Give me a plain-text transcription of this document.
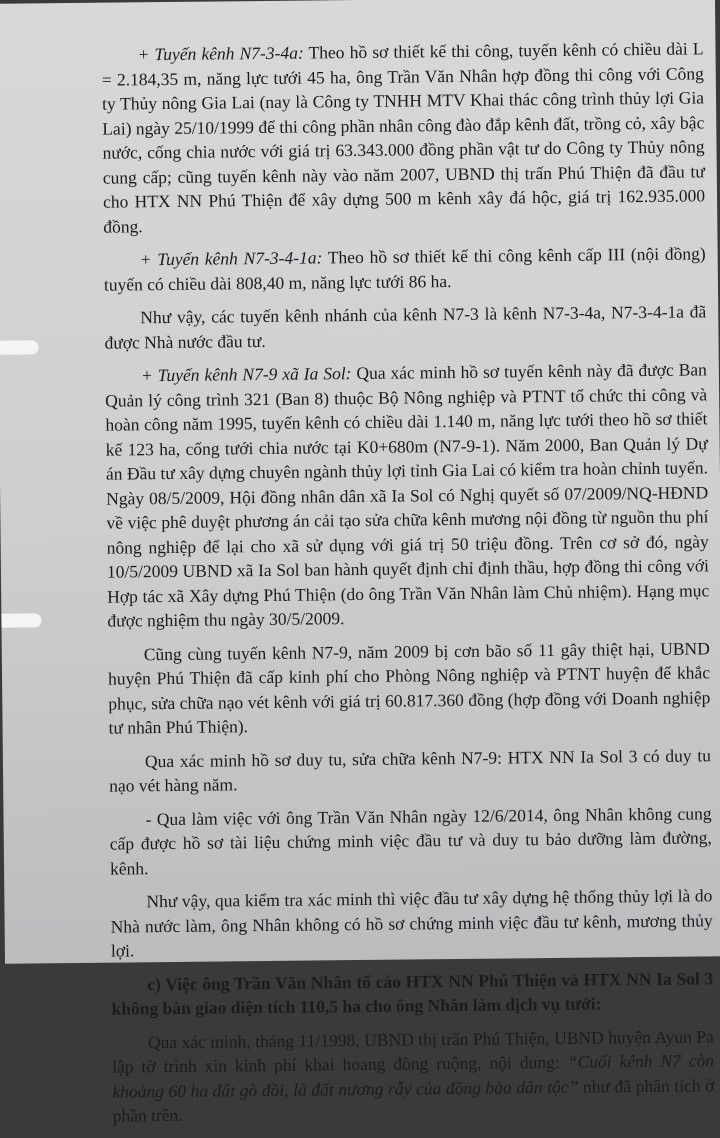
+ Tuyến kênh N7-3-4a: Theo hồ sơ thiết kế thi công, tuyến kênh có chiều dài L = 2.184,35 m, năng lực tưới 45 ha, ông Trần Văn Nhân hợp đồng thi công với Công ty Thủy nông Gia Lai (nay là Công ty TNHH MTV Khai thác công trình thủy lợi Gia Lai) ngày 25/10/1999 để thi công phần nhân công đào đắp kênh đất, trồng cỏ, xây bậc nước, cống chia nước với giá trị 63.343.000 đồng phần vật tư do Công ty Thủy nông cung cấp; cũng tuyến kênh này vào năm 2007, UBND thị trấn Phú Thiện đã đầu tư cho HTX NN Phú Thiện để xây dựng 500 m kênh xây đá hộc, giá trị 162.935.000 đồng.

+ Tuyến kênh N7-3-4-1a: Theo hồ sơ thiết kế thi công kênh cấp III (nội đồng) tuyến có chiều dài 808,40 m, năng lực tưới 86 ha.

Như vậy, các tuyến kênh nhánh của kênh N7-3 là kênh N7-3-4a, N7-3-4-1a đã được Nhà nước đầu tư.

+ Tuyến kênh N7-9 xã Ia Sol: Qua xác minh hồ sơ tuyến kênh này đã được Ban Quản lý công trình 321 (Ban 8) thuộc Bộ Nông nghiệp và PTNT tổ chức thi công và hoàn công năm 1995, tuyến kênh có chiều dài 1.140 m, năng lực tưới theo hồ sơ thiết kế 123 ha, cống tưới chia nước tại K0+680m (N7-9-1). Năm 2000, Ban Quản lý Dự án Đầu tư xây dựng chuyên ngành thủy lợi tỉnh Gia Lai có kiểm tra hoàn chỉnh tuyến. Ngày 08/5/2009, Hội đồng nhân dân xã Ia Sol có Nghị quyết số 07/2009/NQ-HĐND về việc phê duyệt phương án cải tạo sửa chữa kênh mương nội đồng từ nguồn thu phí nông nghiệp để lại cho xã sử dụng với giá trị 50 triệu đồng. Trên cơ sở đó, ngày 10/5/2009 UBND xã Ia Sol ban hành quyết định chỉ định thầu, hợp đồng thi công với Hợp tác xã Xây dựng Phú Thiện (do ông Trần Văn Nhân làm Chủ nhiệm). Hạng mục được nghiệm thu ngày 30/5/2009.

Cũng cùng tuyến kênh N7-9, năm 2009 bị cơn bão số 11 gây thiệt hại, UBND huyện Phú Thiện đã cấp kinh phí cho Phòng Nông nghiệp và PTNT huyện để khắc phục, sửa chữa nạo vét kênh với giá trị 60.817.360 đồng (hợp đồng với Doanh nghiệp tư nhân Phú Thiện).

Qua xác minh hồ sơ duy tu, sửa chữa kênh N7-9: HTX NN Ia Sol 3 có duy tu nạo vét hàng năm.

- Qua làm việc với ông Trần Văn Nhân ngày 12/6/2014, ông Nhân không cung cấp được hồ sơ tài liệu chứng minh việc đầu tư và duy tu bảo dưỡng làm đường, kênh.

Như vậy, qua kiểm tra xác minh thì việc đầu tư xây dựng hệ thống thủy lợi là do Nhà nước làm, ông Nhân không có hồ sơ chứng minh việc đầu tư kênh, mương thủy lợi.

c) Việc ông Trần Văn Nhân tố cáo HTX NN Phú Thiện và HTX NN Ia Sol 3 không bàn giao diện tích 110,5 ha cho ông Nhân làm dịch vụ tưới:

Qua xác minh, tháng 11/1998, UBND thị trấn Phú Thiện, UBND huyện Ayun Pa lập tờ trình xin kinh phí khai hoang đồng ruộng, nội dung: “Cuối kênh N7 còn khoảng 60 ha đất gò đồi, là đất nương rẫy của đồng bào dân tộc” như đã phân tích ở phần trên.
